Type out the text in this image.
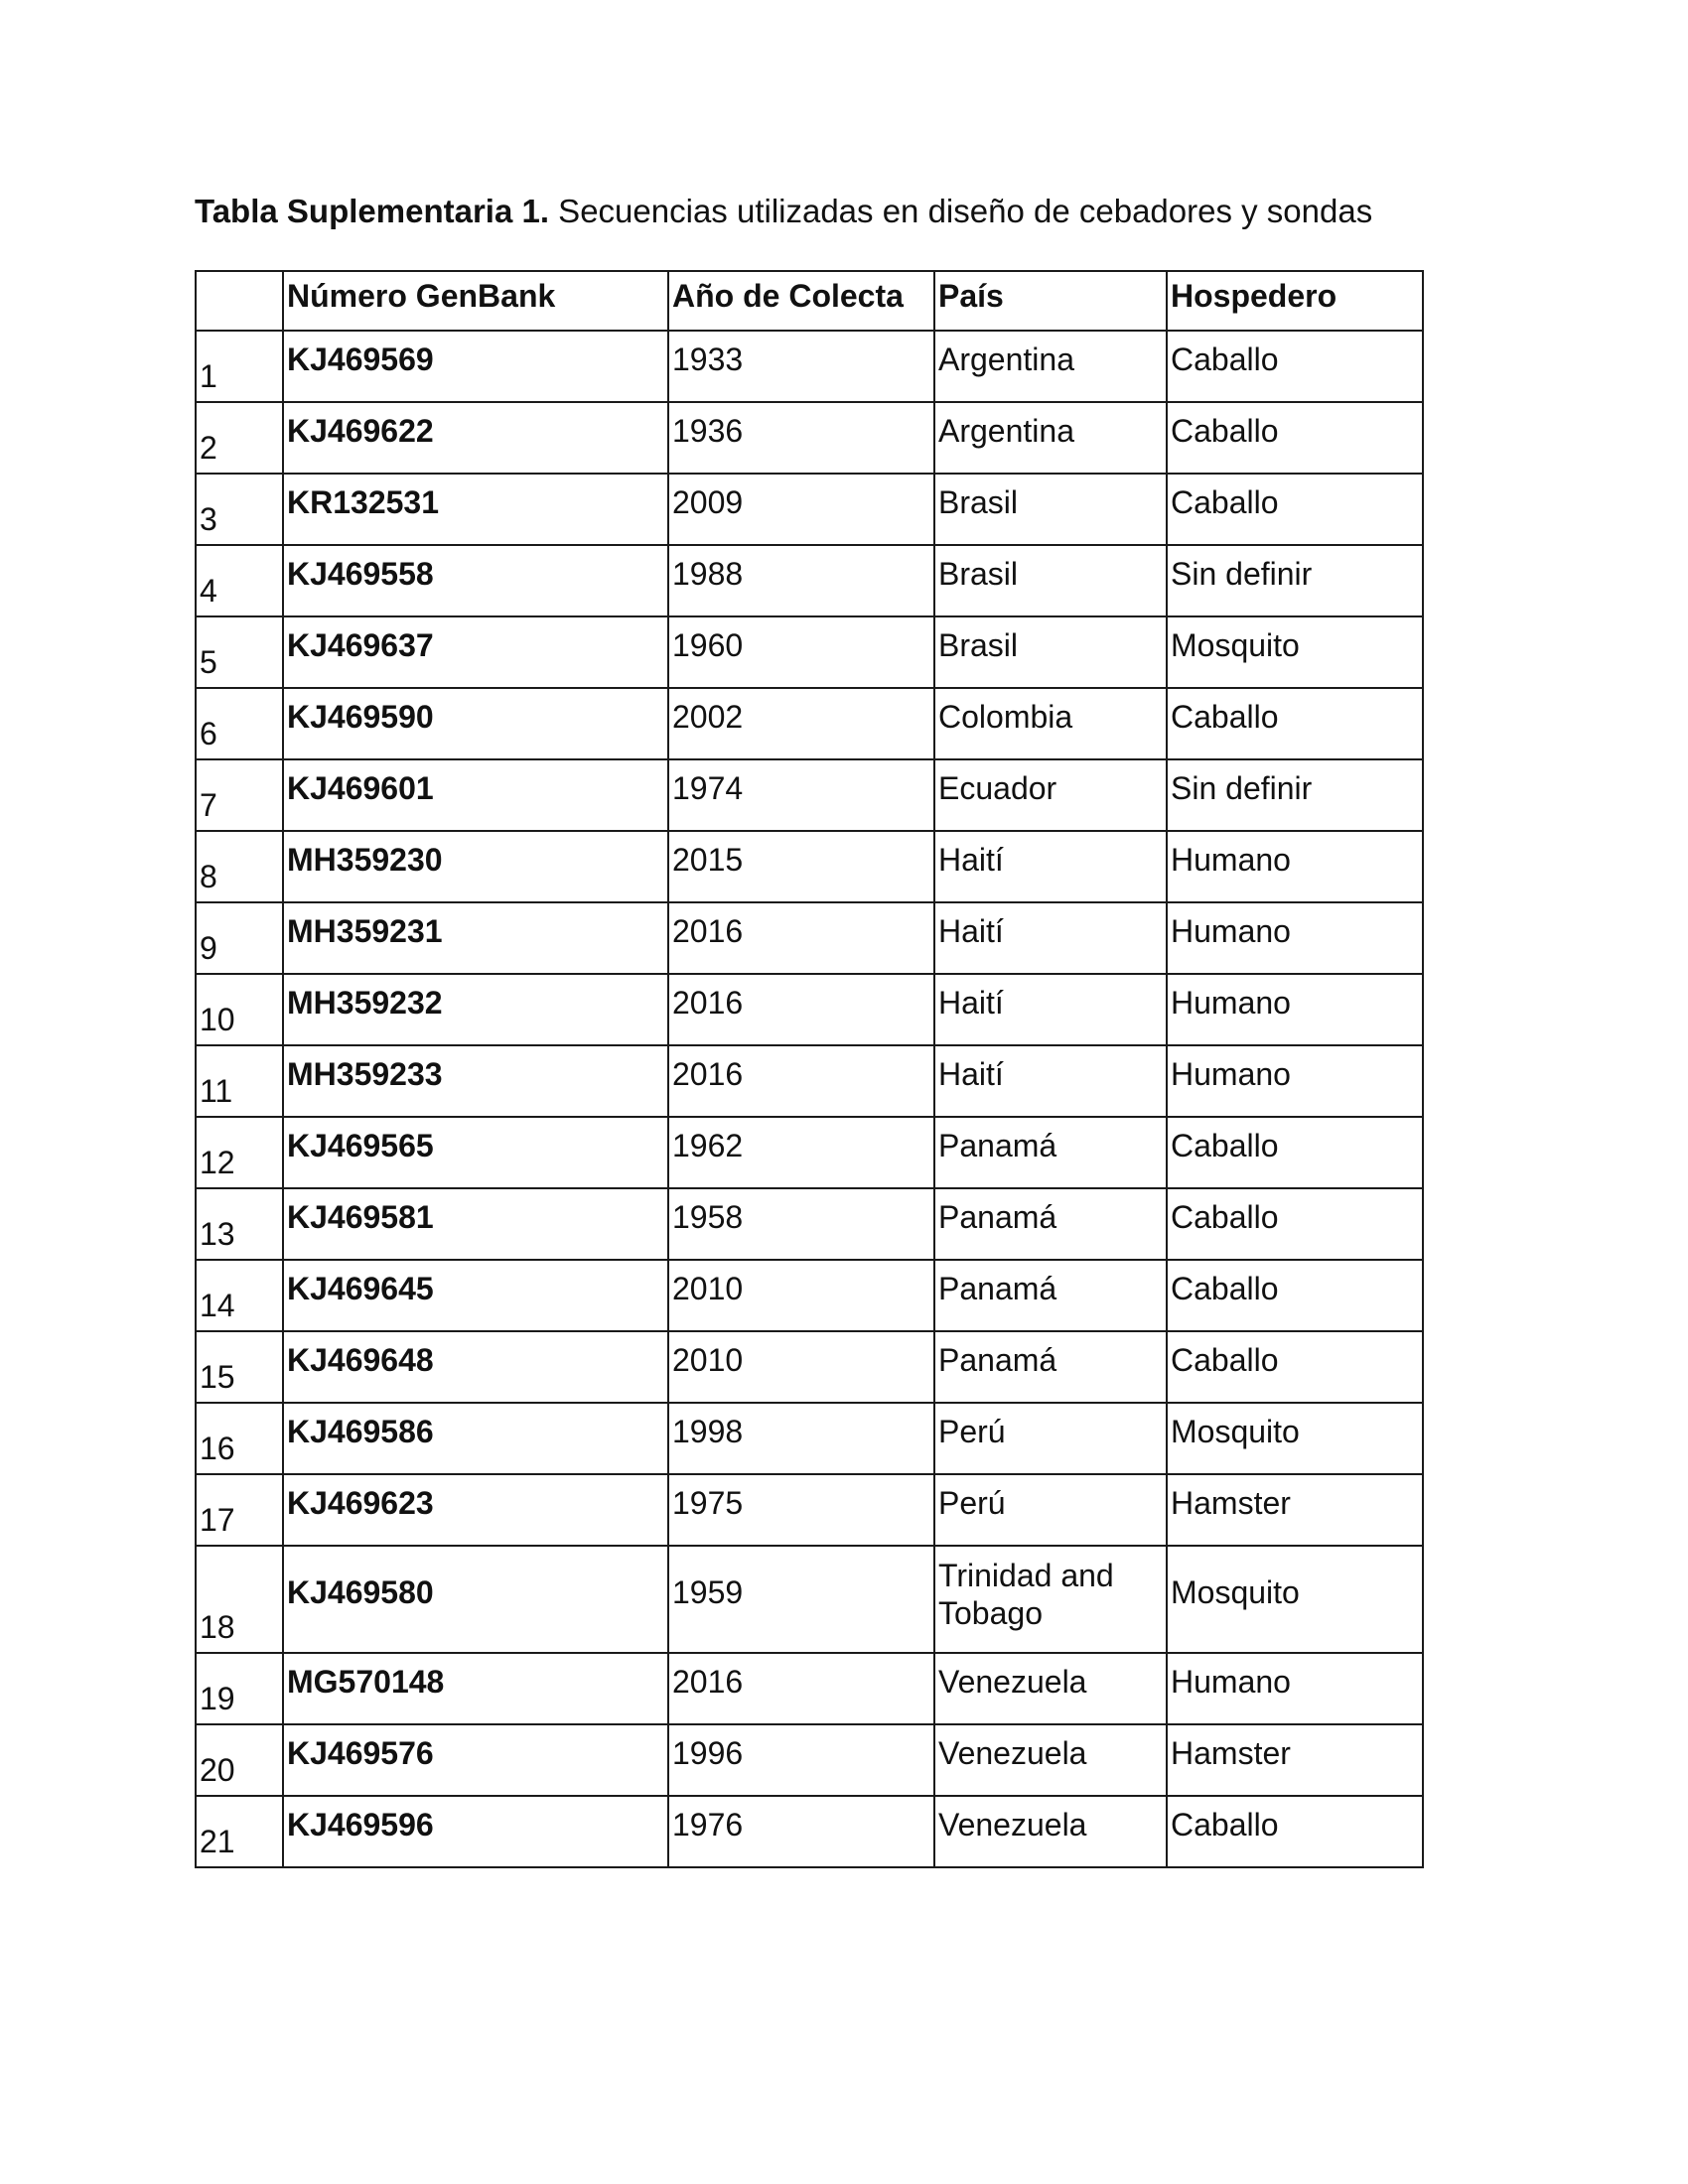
Tabla Suplementaria 1. Secuencias utilizadas en diseño de cebadores y sondas
	Número GenBank	Año de Colecta	País	Hospedero
1	KJ469569	1933	Argentina	Caballo
2	KJ469622	1936	Argentina	Caballo
3	KR132531	2009	Brasil	Caballo
4	KJ469558	1988	Brasil	Sin definir
5	KJ469637	1960	Brasil	Mosquito
6	KJ469590	2002	Colombia	Caballo
7	KJ469601	1974	Ecuador	Sin definir
8	MH359230	2015	Haití	Humano
9	MH359231	2016	Haití	Humano
10	MH359232	2016	Haití	Humano
11	MH359233	2016	Haití	Humano
12	KJ469565	1962	Panamá	Caballo
13	KJ469581	1958	Panamá	Caballo
14	KJ469645	2010	Panamá	Caballo
15	KJ469648	2010	Panamá	Caballo
16	KJ469586	1998	Perú	Mosquito
17	KJ469623	1975	Perú	Hamster
18	KJ469580	1959	Trinidad and Tobago	Mosquito
19	MG570148	2016	Venezuela	Humano
20	KJ469576	1996	Venezuela	Hamster
21	KJ469596	1976	Venezuela	Caballo
